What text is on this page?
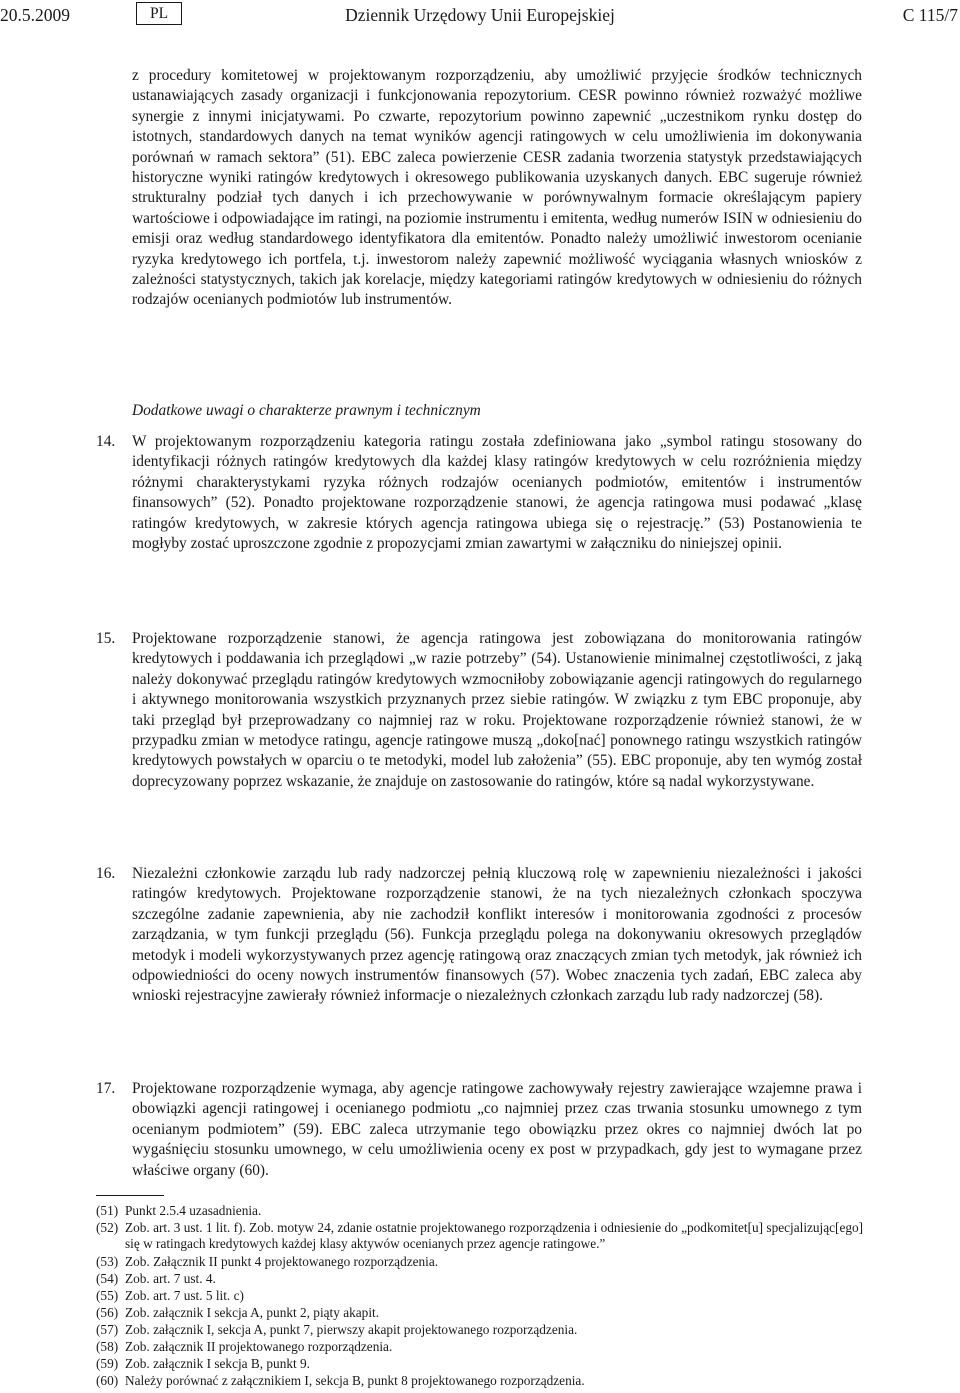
20.5.2009	PL	Dziennik Urzędowy Unii Europejskiej	C 115/7
z procedury komitetowej w projektowanym rozporządzeniu, aby umożliwić przyjęcie środków technicznych ustanawiających zasady organizacji i funkcjonowania repozytorium. CESR powinno również rozważyć możliwe synergie z innymi inicjatywami. Po czwarte, repozytorium powinno zapewnić „uczestnikom rynku dostęp do istotnych, standardowych danych na temat wyników agencji ratingowych w celu umożliwienia im dokonywania porównań w ramach sektora” (51). EBC zaleca powierzenie CESR zadania tworzenia statystyk przedstawiających historyczne wyniki ratingów kredytowych i okresowego publikowania uzyskanych danych. EBC sugeruje również strukturalny podział tych danych i ich przechowywanie w porównywalnym formacie określającym papiery wartościowe i odpowiadające im ratingi, na poziomie instrumentu i emitenta, według numerów ISIN w odniesieniu do emisji oraz według standardowego identyfikatora dla emitentów. Ponadto należy umożliwić inwestorom ocenianie ryzyka kredytowego ich portfela, t.j. inwestorom należy zapewnić możliwość wyciągania własnych wniosków z zależności statystycznych, takich jak korelacje, między kategoriami ratingów kredytowych w odniesieniu do różnych rodzajów ocenianych podmiotów lub instrumentów.
Dodatkowe uwagi o charakterze prawnym i technicznym
14.	W projektowanym rozporządzeniu kategoria ratingu została zdefiniowana jako „symbol ratingu stosowany do identyfikacji różnych ratingów kredytowych dla każdej klasy ratingów kredytowych w celu rozróżnienia między różnymi charakterystykami ryzyka różnych rodzajów ocenianych podmiotów, emitentów i instrumentów finansowych” (52). Ponadto projektowane rozporządzenie stanowi, że agencja ratingowa musi podawać „klasę ratingów kredytowych, w zakresie których agencja ratingowa ubiega się o rejestrację.” (53) Postanowienia te mogłyby zostać uproszczone zgodnie z propozycjami zmian zawartymi w załączniku do niniejszej opinii.
15.	Projektowane rozporządzenie stanowi, że agencja ratingowa jest zobowiązana do monitorowania ratingów kredytowych i poddawania ich przeglądowi „w razie potrzeby” (54). Ustanowienie minimalnej częstotliwości, z jaką należy dokonywać przeglądu ratingów kredytowych wzmocniłoby zobowiązanie agencji ratingowych do regularnego i aktywnego monitorowania wszystkich przyznanych przez siebie ratingów. W związku z tym EBC proponuje, aby taki przegląd był przeprowadzany co najmniej raz w roku. Projektowane rozporządzenie również stanowi, że w przypadku zmian w metodyce ratingu, agencje ratingowe muszą „doko[nać] ponownego ratingu wszystkich ratingów kredytowych powstałych w oparciu o te metodyki, model lub założenia” (55). EBC proponuje, aby ten wymóg został doprecyzowany poprzez wskazanie, że znajduje on zastosowanie do ratingów, które są nadal wykorzystywane.
16.	Niezależni członkowie zarządu lub rady nadzorczej pełnią kluczową rolę w zapewnieniu niezależności i jakości ratingów kredytowych. Projektowane rozporządzenie stanowi, że na tych niezależnych członkach spoczywa szczególne zadanie zapewnienia, aby nie zachodził konflikt interesów i monitorowania zgodności z procesów zarządzania, w tym funkcji przeglądu (56). Funkcja przeglądu polega na dokonywaniu okresowych przeglądów metodyk i modeli wykorzystywanych przez agencję ratingową oraz znaczących zmian tych metodyk, jak również ich odpowiedniości do oceny nowych instrumentów finansowych (57). Wobec znaczenia tych zadań, EBC zaleca aby wnioski rejestracyjne zawierały również informacje o niezależnych członkach zarządu lub rady nadzorczej (58).
17.	Projektowane rozporządzenie wymaga, aby agencje ratingowe zachowywały rejestry zawierające wzajemne prawa i obowiązki agencji ratingowej i ocenianego podmiotu „co najmniej przez czas trwania stosunku umownego z tym ocenianym podmiotem” (59). EBC zaleca utrzymanie tego obowiązku przez okres co najmniej dwóch lat po wygaśnięciu stosunku umownego, w celu umożliwienia oceny ex post w przypadkach, gdy jest to wymagane przez właściwe organy (60).
(51) Punkt 2.5.4 uzasadnienia.
(52) Zob. art. 3 ust. 1 lit. f). Zob. motyw 24, zdanie ostatnie projektowanego rozporządzenia i odniesienie do „podkomitet[u] specjalizując[ego] się w ratingach kredytowych każdej klasy aktywów ocenianych przez agencje ratingowe.”
(53) Zob. Załącznik II punkt 4 projektowanego rozporządzenia.
(54) Zob. art. 7 ust. 4.
(55) Zob. art. 7 ust. 5 lit. c)
(56) Zob. załącznik I sekcja A, punkt 2, piąty akapit.
(57) Zob. załącznik I, sekcja A, punkt 7, pierwszy akapit projektowanego rozporządzenia.
(58) Zob. załącznik II projektowanego rozporządzenia.
(59) Zob. załącznik I sekcja B, punkt 9.
(60) Należy porównać z załącznikiem I, sekcja B, punkt 8 projektowanego rozporządzenia.
